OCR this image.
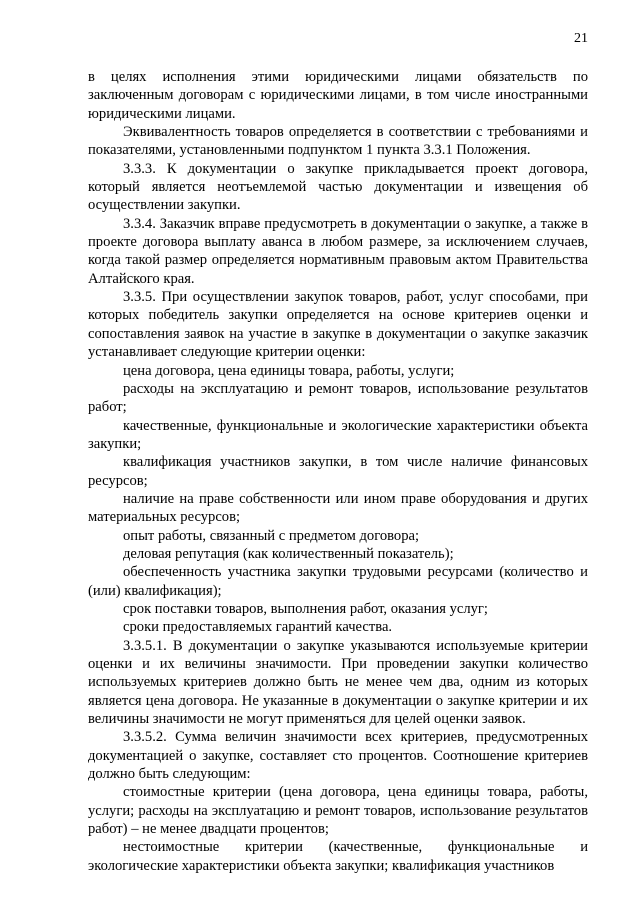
21

в целях исполнения этими юридическими лицами обязательств по заключенным договорам с юридическими лицами, в том числе иностранными юридическими лицами.

Эквивалентность товаров определяется в соответствии с требованиями и показателями, установленными подпунктом 1 пункта 3.3.1 Положения.

3.3.3. К документации о закупке прикладывается проект договора, который является неотъемлемой частью документации и извещения об осуществлении закупки.

3.3.4. Заказчик вправе предусмотреть в документации о закупке, а также в проекте договора выплату аванса в любом размере, за исключением случаев, когда такой размер определяется нормативным правовым актом Правительства Алтайского края.

3.3.5. При осуществлении закупок товаров, работ, услуг способами, при которых победитель закупки определяется на основе критериев оценки и сопоставления заявок на участие в закупке в документации о закупке заказчик устанавливает следующие критерии оценки:

цена договора, цена единицы товара, работы, услуги;

расходы на эксплуатацию и ремонт товаров, использование результатов работ;

качественные, функциональные и экологические характеристики объекта закупки;

квалификация участников закупки, в том числе наличие финансовых ресурсов;

наличие на праве собственности или ином праве оборудования и других материальных ресурсов;

опыт работы, связанный с предметом договора;

деловая репутация (как количественный показатель);

обеспеченность участника закупки трудовыми ресурсами (количество и (или) квалификация);

срок поставки товаров, выполнения работ, оказания услуг;

сроки предоставляемых гарантий качества.

3.3.5.1. В документации о закупке указываются используемые критерии оценки и их величины значимости. При проведении закупки количество используемых критериев должно быть не менее чем два, одним из которых является цена договора. Не указанные в документации о закупке критерии и их величины значимости не могут применяться для целей оценки заявок.

3.3.5.2. Сумма величин значимости всех критериев, предусмотренных документацией о закупке, составляет сто процентов. Соотношение критериев должно быть следующим:

стоимостные критерии (цена договора, цена единицы товара, работы, услуги; расходы на эксплуатацию и ремонт товаров, использование результатов работ) – не менее двадцати процентов;

нестоимостные критерии (качественные, функциональные и экологические характеристики объекта закупки; квалификация участников
